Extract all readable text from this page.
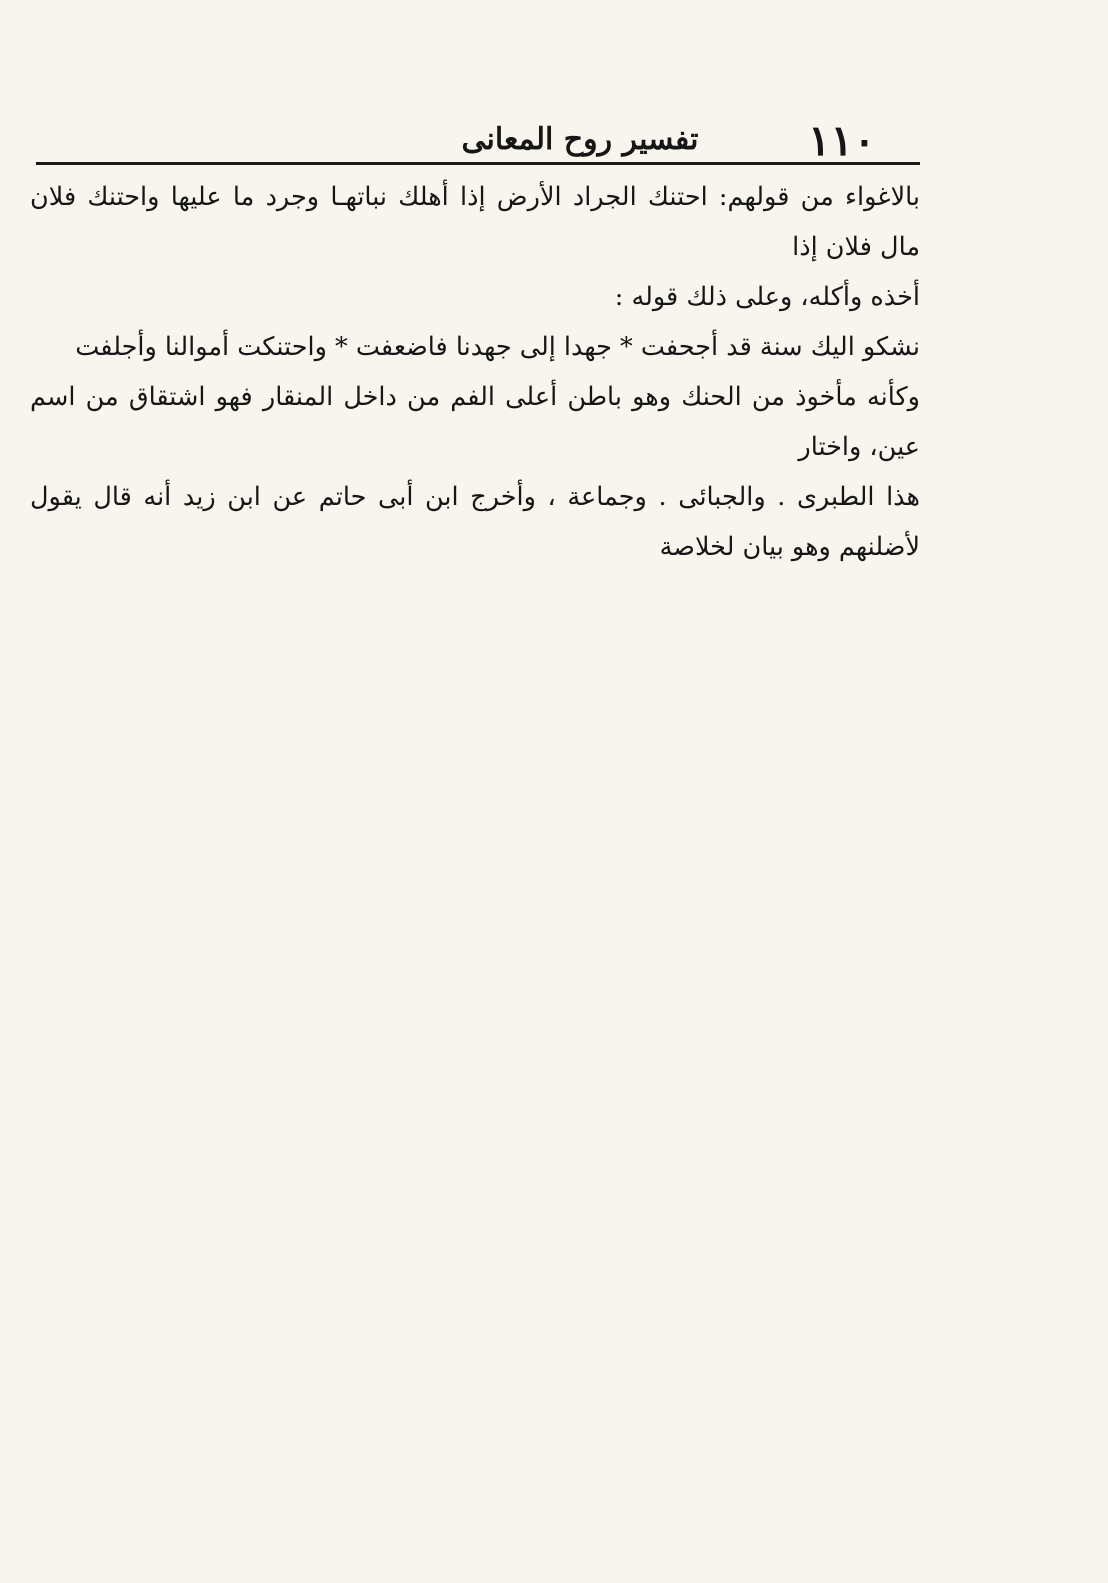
١١٠
تفسير روح المعانى

بالاغواء من قولهم: احتنك الجراد الأرض إذا أهلك نباتهـا وجرد ما عليها واحتنك فلان مال فلان إذا

أخذه وأكله، وعلى ذلك قوله :

نشكو اليك سنة قد أجحفت * جهدا إلى جهدنا فاضعفت * واحتنكت أموالنا وأجلفت

وكأنه مأخوذ من الحنك وهو باطن أعلى الفم من داخل المنقار فهو اشتقاق من اسم عين، واختار

هذا الطبرى . والجبائى . وجماعة ، وأخرج ابن أبى حاتم عن ابن زيد أنه قال يقول لأضلنهم وهو بيان لخلاصة
